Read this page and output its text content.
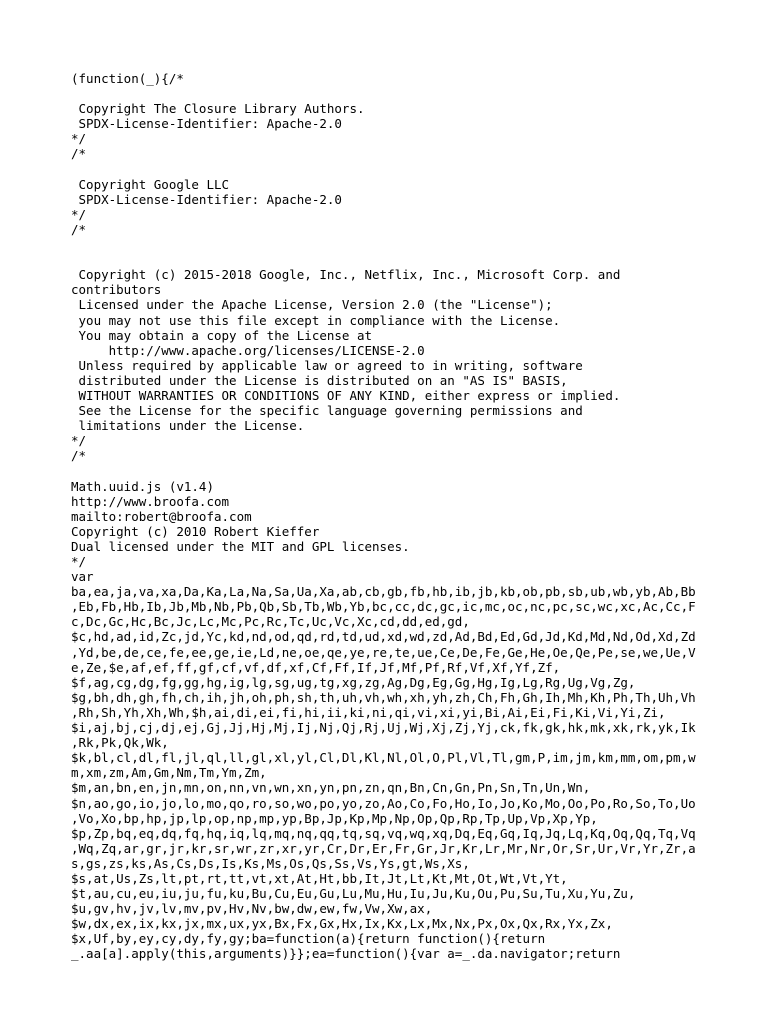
(function(_){/*
Copyright The Closure Library Authors.
SPDX-License-Identifier: Apache-2.0
*/
/*
Copyright Google LLC
SPDX-License-Identifier: Apache-2.0
*/
/*
Copyright (c) 2015-2018 Google, Inc., Netflix, Inc., Microsoft Corp. and
contributors
Licensed under the Apache License, Version 2.0 (the "License");
you may not use this file except in compliance with the License.
You may obtain a copy of the License at
http://www.apache.org/licenses/LICENSE-2.0
Unless required by applicable law or agreed to in writing, software
distributed under the License is distributed on an "AS IS" BASIS,
WITHOUT WARRANTIES OR CONDITIONS OF ANY KIND, either express or implied.
See the License for the specific language governing permissions and
limitations under the License.
*/
/*
Math.uuid.js (v1.4)
http://www.broofa.com
mailto:robert@broofa.com
Copyright (c) 2010 Robert Kieffer
Dual licensed under the MIT and GPL licenses.
*/
var
ba,ea,ja,va,xa,Da,Ka,La,Na,Sa,Ua,Xa,ab,cb,gb,fb,hb,ib,jb,kb,ob,pb,sb,ub,wb,yb,Ab,Bb
,Eb,Fb,Hb,Ib,Jb,Mb,Nb,Pb,Qb,Sb,Tb,Wb,Yb,bc,cc,dc,gc,ic,mc,oc,nc,pc,sc,wc,xc,Ac,Cc,F
c,Dc,Gc,Hc,Bc,Jc,Lc,Mc,Pc,Rc,Tc,Uc,Vc,Xc,cd,dd,ed,gd,
$c,hd,ad,id,Zc,jd,Yc,kd,nd,od,qd,rd,td,ud,xd,wd,zd,Ad,Bd,Ed,Gd,Jd,Kd,Md,Nd,Od,Xd,Zd
,Yd,be,de,ce,fe,ee,ge,ie,Ld,ne,oe,qe,ye,re,te,ue,Ce,De,Fe,Ge,He,Oe,Qe,Pe,se,we,Ue,V
e,Ze,$e,af,ef,ff,gf,cf,vf,df,xf,Cf,Ff,If,Jf,Mf,Pf,Rf,Vf,Xf,Yf,Zf,
$f,ag,cg,dg,fg,gg,hg,ig,lg,sg,ug,tg,xg,zg,Ag,Dg,Eg,Gg,Hg,Ig,Lg,Rg,Ug,Vg,Zg,
$g,bh,dh,gh,fh,ch,ih,jh,oh,ph,sh,th,uh,vh,wh,xh,yh,zh,Ch,Fh,Gh,Ih,Mh,Kh,Ph,Th,Uh,Vh
,Rh,Sh,Yh,Xh,Wh,$h,ai,di,ei,fi,hi,ii,ki,ni,qi,vi,xi,yi,Bi,Ai,Ei,Fi,Ki,Vi,Yi,Zi,
$i,aj,bj,cj,dj,ej,Gj,Jj,Hj,Mj,Ij,Nj,Qj,Rj,Uj,Wj,Xj,Zj,Yj,ck,fk,gk,hk,mk,xk,rk,yk,Ik
,Rk,Pk,Qk,Wk,
$k,bl,cl,dl,fl,jl,ql,ll,gl,xl,yl,Cl,Dl,Kl,Nl,Ol,O,Pl,Vl,Tl,gm,P,im,jm,km,mm,om,pm,w
m,xm,zm,Am,Gm,Nm,Tm,Ym,Zm,
$m,an,bn,en,jn,mn,on,nn,vn,wn,xn,yn,pn,zn,qn,Bn,Cn,Gn,Pn,Sn,Tn,Un,Wn,
$n,ao,go,io,jo,lo,mo,qo,ro,so,wo,po,yo,zo,Ao,Co,Fo,Ho,Io,Jo,Ko,Mo,Oo,Po,Ro,So,To,Uo
,Vo,Xo,bp,hp,jp,lp,op,np,mp,yp,Bp,Jp,Kp,Mp,Np,Op,Qp,Rp,Tp,Up,Vp,Xp,Yp,
$p,Zp,bq,eq,dq,fq,hq,iq,lq,mq,nq,qq,tq,sq,vq,wq,xq,Dq,Eq,Gq,Iq,Jq,Lq,Kq,Oq,Qq,Tq,Vq
,Wq,Zq,ar,gr,jr,kr,sr,wr,zr,xr,yr,Cr,Dr,Er,Fr,Gr,Jr,Kr,Lr,Mr,Nr,Or,Sr,Ur,Vr,Yr,Zr,a
s,gs,zs,ks,As,Cs,Ds,Is,Ks,Ms,Os,Qs,Ss,Vs,Ys,gt,Ws,Xs,
$s,at,Us,Zs,lt,pt,rt,tt,vt,xt,At,Ht,bb,It,Jt,Lt,Kt,Mt,Ot,Wt,Vt,Yt,
$t,au,cu,eu,iu,ju,fu,ku,Bu,Cu,Eu,Gu,Lu,Mu,Hu,Iu,Ju,Ku,Ou,Pu,Su,Tu,Xu,Yu,Zu,
$u,gv,hv,jv,lv,mv,pv,Hv,Nv,bw,dw,ew,fw,Vw,Xw,ax,
$w,dx,ex,ix,kx,jx,mx,ux,yx,Bx,Fx,Gx,Hx,Ix,Kx,Lx,Mx,Nx,Px,Ox,Qx,Rx,Yx,Zx,
$x,Uf,by,ey,cy,dy,fy,gy;ba=function(a){return function(){return
_.aa[a].apply(this,arguments)}};ea=function(){var a=_.da.navigator;return
